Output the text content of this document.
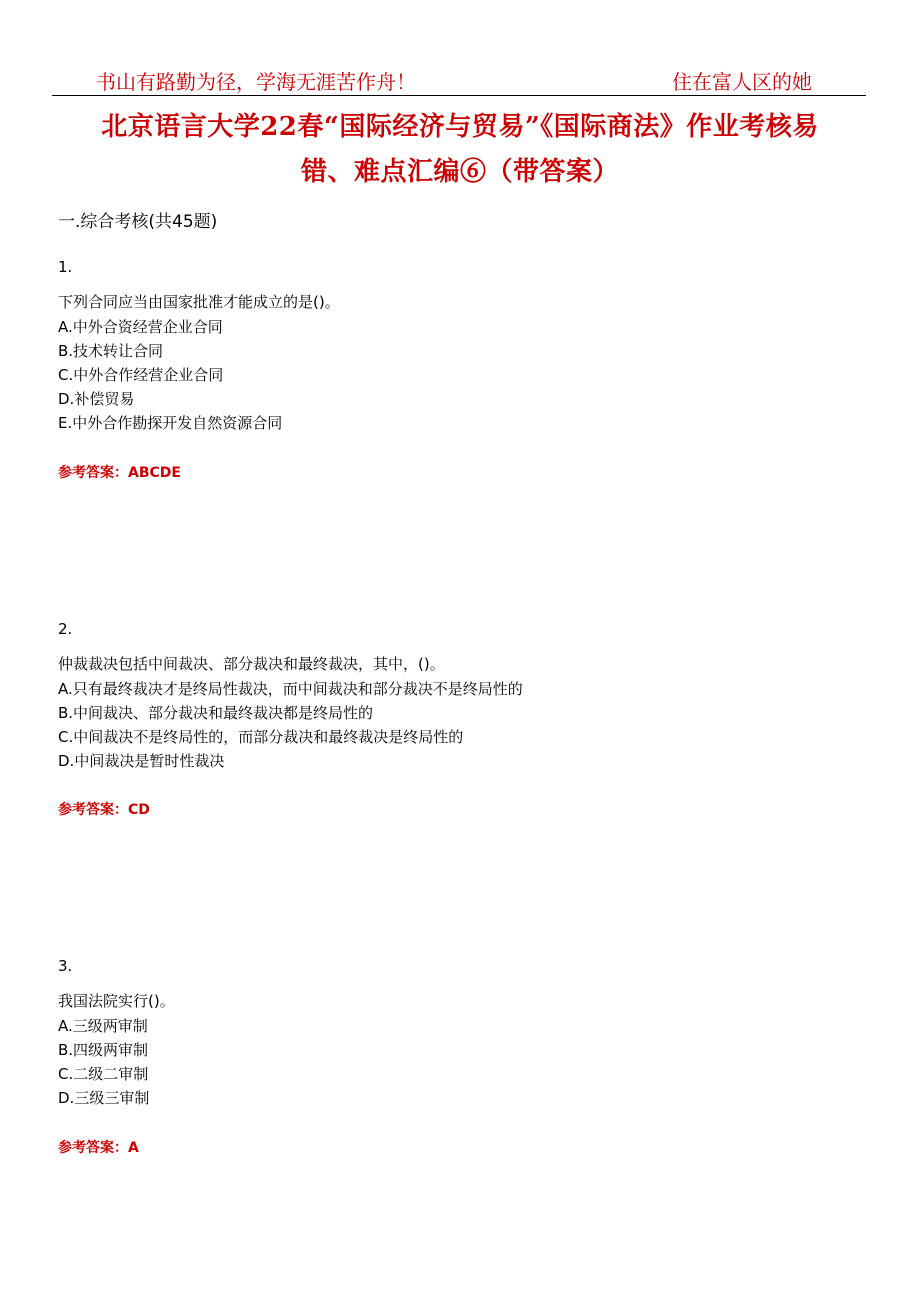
书山有路勤为径，学海无涯苦作舟！	住在富人区的她
北京语言大学22春“国际经济与贸易”《国际商法》作业考核易
错、难点汇编⑥（带答案）
一.综合考核(共45题)
1.
下列合同应当由国家批准才能成立的是()。
A.中外合资经营企业合同
B.技术转让合同
C.中外合作经营企业合同
D.补偿贸易
E.中外合作勘探开发自然资源合同
参考答案：ABCDE
2.
仲裁裁决包括中间裁决、部分裁决和最终裁决，其中，()。
A.只有最终裁决才是终局性裁决，而中间裁决和部分裁决不是终局性的
B.中间裁决、部分裁决和最终裁决都是终局性的
C.中间裁决不是终局性的，而部分裁决和最终裁决是终局性的
D.中间裁决是暂时性裁决
参考答案：CD
3.
我国法院实行()。
A.三级两审制
B.四级两审制
C.二级二审制
D.三级三审制
参考答案：A
